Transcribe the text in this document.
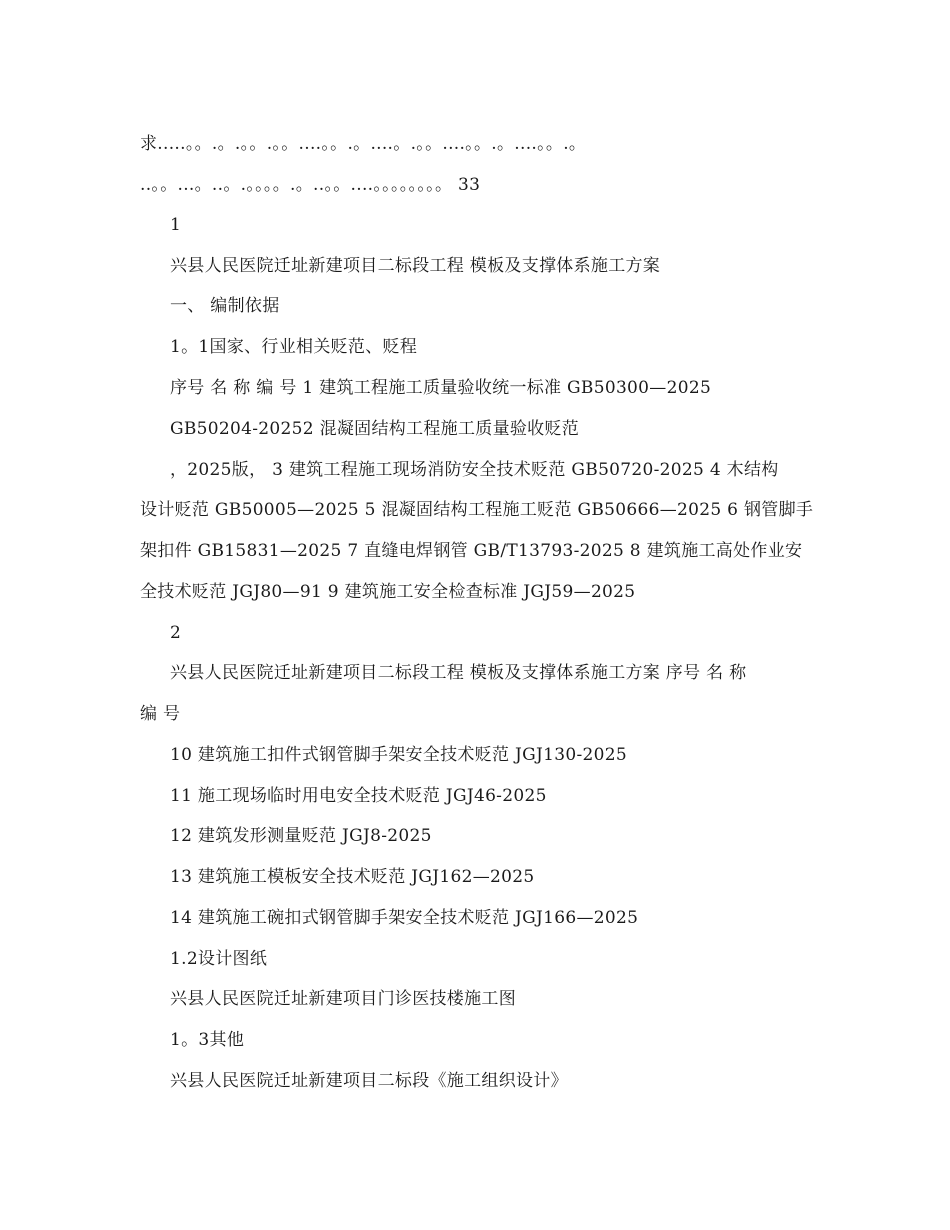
求.....。。.。.。。.。。....。。.。....。.。。....。。.。....。。.。
..。。...。..。.。。。。.。..。。....。。。。。。。。 33
1
兴县人民医院迁址新建项目二标段工程 模板及支撑体系施工方案
一、 编制依据
1。1国家、行业相关贬范、贬程
序号 名 称 编 号 1 建筑工程施工质量验收统一标准 GB50300—2025
GB50204-20252 混凝固结构工程施工质量验收贬范
，2025版， 3 建筑工程施工现场消防安全技术贬范 GB50720-2025 4 木结构
设计贬范 GB50005—2025 5 混凝固结构工程施工贬范 GB50666—2025 6 钢管脚手
架扣件 GB15831—2025 7 直缝电焊钢管 GB/T13793-2025 8 建筑施工高处作业安
全技术贬范 JGJ80—91 9 建筑施工安全检查标准 JGJ59—2025
2
兴县人民医院迁址新建项目二标段工程 模板及支撑体系施工方案 序号 名 称
编 号
10 建筑施工扣件式钢管脚手架安全技术贬范 JGJ130-2025
11 施工现场临时用电安全技术贬范 JGJ46-2025
12 建筑发形测量贬范 JGJ8-2025
13 建筑施工模板安全技术贬范 JGJ162—2025
14 建筑施工碗扣式钢管脚手架安全技术贬范 JGJ166—2025
1.2设计图纸
兴县人民医院迁址新建项目门诊医技楼施工图
1。3其他
兴县人民医院迁址新建项目二标段《施工组织设计》
